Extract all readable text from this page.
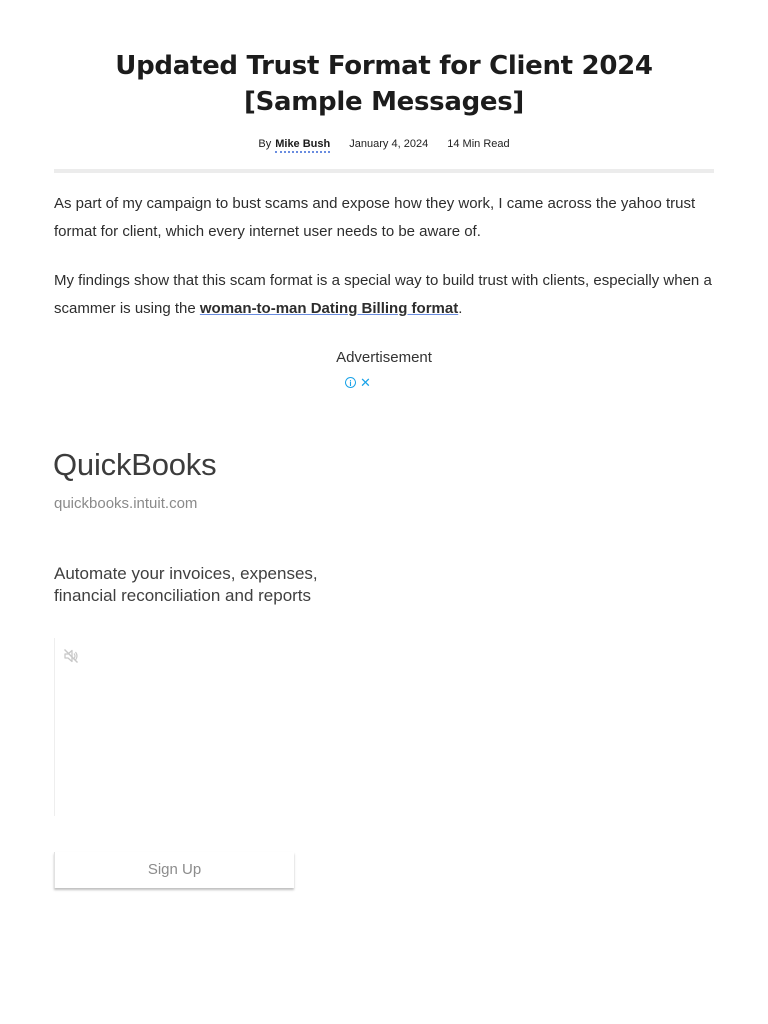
Updated Trust Format for Client 2024 [Sample Messages]
By Mike Bush January 4, 2024 14 Min Read

As part of my campaign to bust scams and expose how they work, I came across the yahoo trust format for client, which every internet user needs to be aware of.

My findings show that this scam format is a special way to build trust with clients, especially when a scammer is using the woman-to-man Dating Billing format.

Advertisement
i ✕
QuickBooks
quickbooks.intuit.com
Automate your invoices, expenses, financial reconciliation and reports
Sign Up
